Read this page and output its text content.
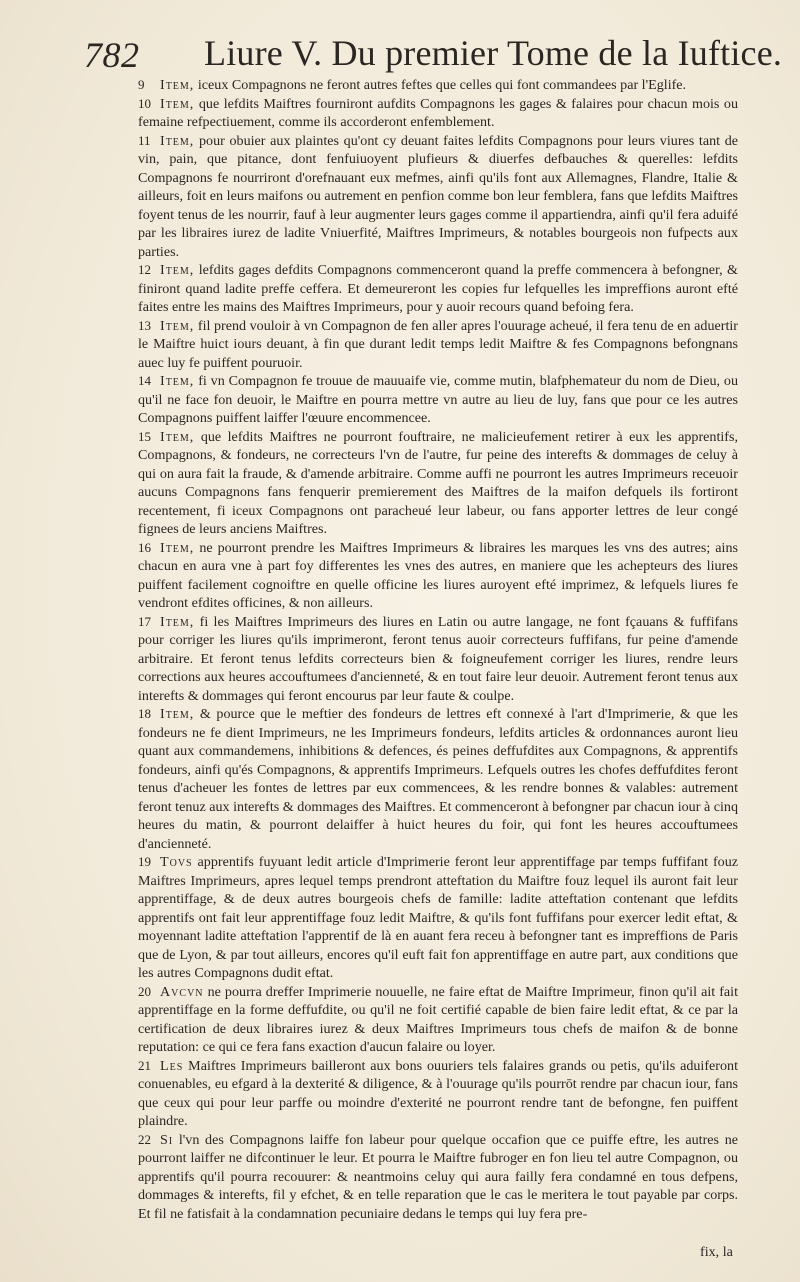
782 Liure V. Du premier Tome de la Iuftice.

9 Item, iceux Compagnons ne feront autres feftes que celles qui font commandees par l'Eglife.

10 Item, que lefdits Maiftres fourniront aufdits Compagnons les gages & falaires pour chacun mois ou femaine refpectiuement, comme ils accorderont enfemblement.

11 Item, pour obuier aux plaintes qu'ont cy deuant faites lefdits Compagnons pour leurs viures tant de vin, pain, que pitance, dont fenfuiuoyent plufieurs & diuerfes defbauches & querelles: lefdits Compagnons fe nourriront d'orefnauant eux mefmes, ainfi qu'ils font aux Allemagnes, Flandre, Italie & ailleurs, foit en leurs maifons ou autrement en penfion comme bon leur femblera, fans que lefdits Maiftres foyent tenus de les nourrir, fauf à leur augmenter leurs gages comme il appartiendra, ainfi qu'il fera aduifé par les libraires iurez de ladite Vniuerfité, Maiftres Imprimeurs, & notables bourgeois non fufpects aux parties.

12 Item, lefdits gages defdits Compagnons commenceront quand la preffe commencera à befongner, & finiront quand ladite preffe ceffera. Et demeureront les copies fur lefquelles les impreffions auront efté faites entre les mains des Maiftres Imprimeurs, pour y auoir recours quand befoing fera.

13 Item, fil prend vouloir à vn Compagnon de fen aller apres l'ouurage acheué, il fera tenu de en aduertir le Maiftre huict iours deuant, à fin que durant ledit temps ledit Maiftre & fes Compagnons befongnans auec luy fe puiffent pouruoir.

14 Item, fi vn Compagnon fe trouue de mauuaife vie, comme mutin, blafphemateur du nom de Dieu, ou qu'il ne face fon deuoir, le Maiftre en pourra mettre vn autre au lieu de luy, fans que pour ce les autres Compagnons puiffent laiffer l'œuure encommencee.

15 Item, que lefdits Maiftres ne pourront fouftraire, ne malicieufement retirer à eux les apprentifs, Compagnons, & fondeurs, ne correcteurs l'vn de l'autre, fur peine des interefts & dommages de celuy à qui on aura fait la fraude, & d'amende arbitraire. Comme auffi ne pourront les autres Imprimeurs receuoir aucuns Compagnons fans fenquerir premierement des Maiftres de la maifon defquels ils fortiront recentement, fi iceux Compagnons ont paracheué leur labeur, ou fans apporter lettres de leur congé fignees de leurs anciens Maiftres.

16 Item, ne pourront prendre les Maiftres Imprimeurs & libraires les marques les vns des autres; ains chacun en aura vne à part foy differentes les vnes des autres, en maniere que les achepteurs des liures puiffent facilement cognoiftre en quelle officine les liures auroyent efté imprimez, & lefquels liures fe vendront efdites officines, & non ailleurs.

17 Item, fi les Maiftres Imprimeurs des liures en Latin ou autre langage, ne font fçauans & fuffifans pour corriger les liures qu'ils imprimeront, feront tenus auoir correcteurs fuffifans, fur peine d'amende arbitraire. Et feront tenus lefdits correcteurs bien & foigneufement corriger les liures, rendre leurs corrections aux heures accouftumees d'ancienneté, & en tout faire leur deuoir. Autrement feront tenus aux interefts & dommages qui feront encourus par leur faute & coulpe.

18 Item, & pource que le meftier des fondeurs de lettres eft connexé à l'art d'Imprimerie, & que les fondeurs ne fe dient Imprimeurs, ne les Imprimeurs fondeurs, lefdits articles & ordonnances auront lieu quant aux commandemens, inhibitions & defences, és peines deffufdites aux Compagnons, & apprentifs fondeurs, ainfi qu'és Compagnons, & apprentifs Imprimeurs. Lefquels outres les chofes deffufdites feront tenus d'acheuer les fontes de lettres par eux commencees, & les rendre bonnes & valables: autrement feront tenuz aux interefts & dommages des Maiftres. Et commenceront à befongner par chacun iour à cinq heures du matin, & pourront delaiffer à huict heures du foir, qui font les heures accouftumees d'ancienneté.

19 Tovs apprentifs fuyuant ledit article d'Imprimerie feront leur apprentiffage par temps fuffifant fouz Maiftres Imprimeurs, apres lequel temps prendront atteftation du Maiftre fouz lequel ils auront fait leur apprentiffage, & de deux autres bourgeois chefs de famille: ladite atteftation contenant que lefdits apprentifs ont fait leur apprentiffage fouz ledit Maiftre, & qu'ils font fuffifans pour exercer ledit eftat, & moyennant ladite atteftation l'apprentif de là en auant fera receu à befongner tant es impreffions de Paris que de Lyon, & par tout ailleurs, encores qu'il euft fait fon apprentiffage en autre part, aux conditions que les autres Compagnons dudit eftat.

20 Avcvn ne pourra dreffer Imprimerie nouuelle, ne faire eftat de Maiftre Imprimeur, finon qu'il ait fait apprentiffage en la forme deffufdite, ou qu'il ne foit certifié capable de bien faire ledit eftat, & ce par la certification de deux libraires iurez & deux Maiftres Imprimeurs tous chefs de maifon & de bonne reputation: ce qui ce fera fans exaction d'aucun falaire ou loyer.

21 Les Maiftres Imprimeurs bailleront aux bons ouuriers tels falaires grands ou petis, qu'ils aduiferont conuenables, eu efgard à la dexterité & diligence, & à l'ouurage qu'ils pourrōt rendre par chacun iour, fans que ceux qui pour leur parffe ou moindre d'exterité ne pourront rendre tant de befongne, fen puiffent plaindre.

22 Si l'vn des Compagnons laiffe fon labeur pour quelque occafion que ce puiffe eftre, les autres ne pourront laiffer ne difcontinuer le leur. Et pourra le Maiftre fubroger en fon lieu tel autre Compagnon, ou apprentifs qu'il pourra recouurer: & neantmoins celuy qui aura failly fera condamné en tous defpens, dommages & interefts, fil y efchet, & en telle reparation que le cas le meritera le tout payable par corps. Et fil ne fatisfait à la condamnation pecuniaire dedans le temps qui luy fera pre-

fix, la
